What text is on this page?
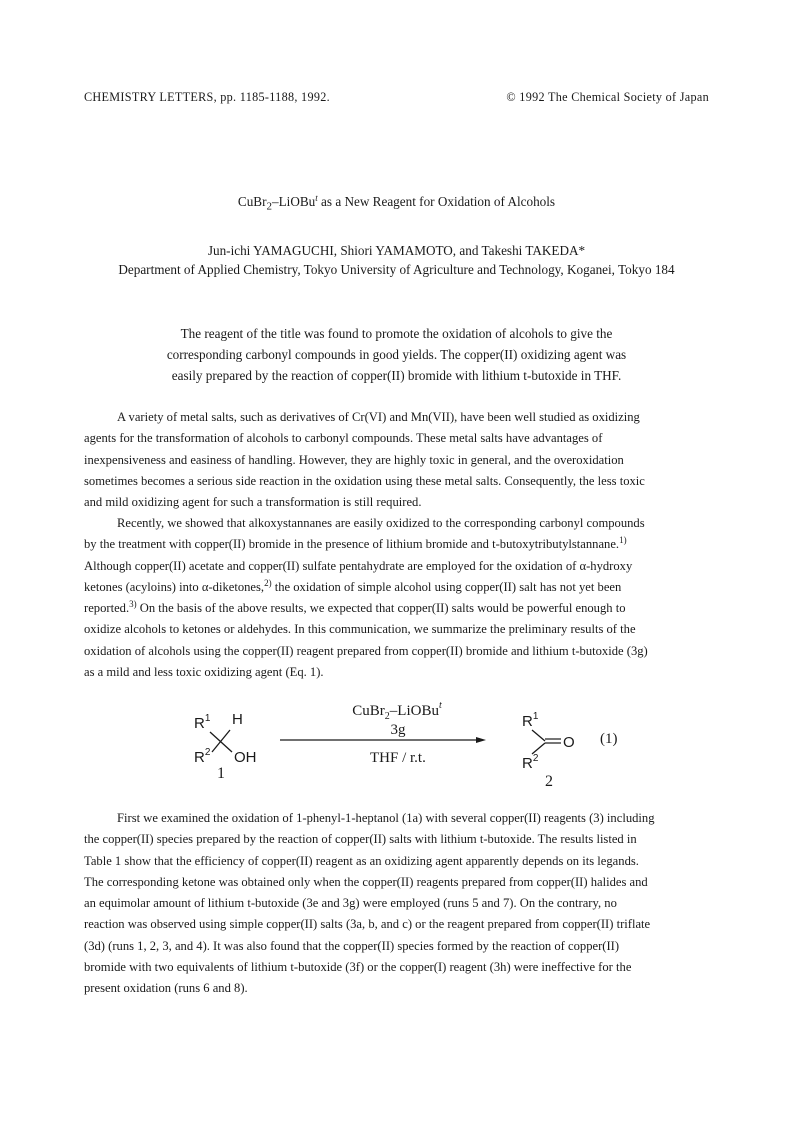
CHEMISTRY LETTERS, pp. 1185-1188, 1992.	© 1992 The Chemical Society of Japan
CuBr$_2$–LiOBu$^t$ as a New Reagent for Oxidation of Alcohols
Jun-ichi YAMAGUCHI, Shiori YAMAMOTO, and Takeshi TAKEDA*
Department of Applied Chemistry, Tokyo University of Agriculture and Technology, Koganei, Tokyo 184
The reagent of the title was found to promote the oxidation of alcohols to give the
corresponding carbonyl compounds in good yields. The copper(II) oxidizing agent was
easily prepared by the reaction of copper(II) bromide with lithium t-butoxide in THF.
A variety of metal salts, such as derivatives of Cr(VI) and Mn(VII), have been well studied as oxidizing
agents for the transformation of alcohols to carbonyl compounds. These metal salts have advantages of
inexpensiveness and easiness of handling. However, they are highly toxic in general, and the overoxidation
sometimes becomes a serious side reaction in the oxidation using these metal salts. Consequently, the less toxic
and mild oxidizing agent for such a transformation is still required.
Recently, we showed that alkoxystannanes are easily oxidized to the corresponding carbonyl compounds
by the treatment with copper(II) bromide in the presence of lithium bromide and t-butoxytributylstannane.$^{1)}$
Although copper(II) acetate and copper(II) sulfate pentahydrate are employed for the oxidation of α-hydroxy
ketones (acyloins) into α-diketones,$^{2)}$ the oxidation of simple alcohol using copper(II) salt has not yet been
reported.$^{3)}$ On the basis of the above results, we expected that copper(II) salts would be powerful enough to
oxidize alcohols to ketones or aldehydes. In this communication, we summarize the preliminary results of the
oxidation of alcohols using the copper(II) reagent prepared from copper(II) bromide and lithium t-butoxide (3g)
as a mild and less toxic oxidizing agent (Eq. 1).
$R^1$ H
$R^2$ OH
1
CuBr$_2$–LiOBu$^t$
3g
THF / r.t.
$R^1$
$R^2$
O
2
(1)
First we examined the oxidation of 1-phenyl-1-heptanol (1a) with several copper(II) reagents (3) including
the copper(II) species prepared by the reaction of copper(II) salts with lithium t-butoxide. The results listed in
Table 1 show that the efficiency of copper(II) reagent as an oxidizing agent apparently depends on its legands.
The corresponding ketone was obtained only when the copper(II) reagents prepared from copper(II) halides and
an equimolar amount of lithium t-butoxide (3e and 3g) were employed (runs 5 and 7). On the contrary, no
reaction was observed using simple copper(II) salts (3a, b, and c) or the reagent prepared from copper(II) triflate
(3d) (runs 1, 2, 3, and 4). It was also found that the copper(II) species formed by the reaction of copper(II)
bromide with two equivalents of lithium t-butoxide (3f) or the copper(I) reagent (3h) were ineffective for the
present oxidation (runs 6 and 8).
